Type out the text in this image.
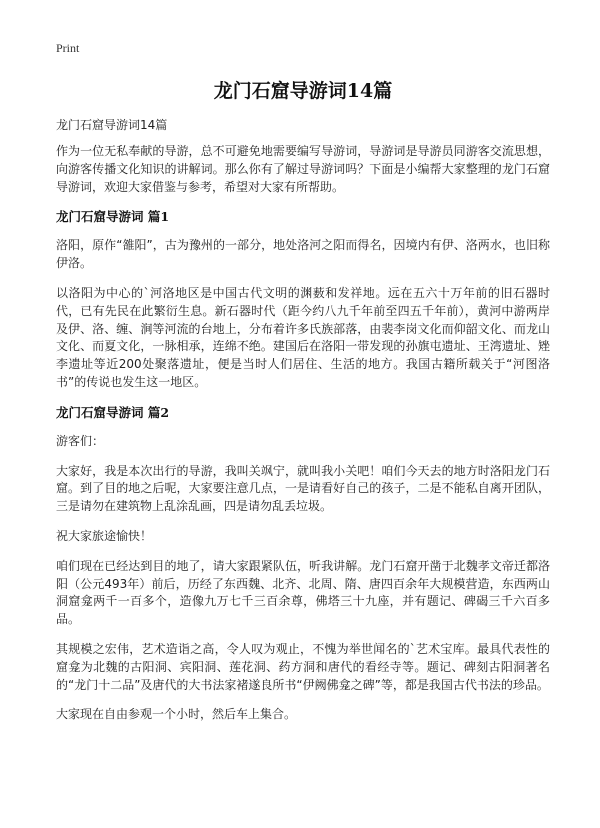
Print
龙门石窟导游词14篇
龙门石窟导游词14篇

作为一位无私奉献的导游，总不可避免地需要编写导游词，导游词是导游员同游客交流思想，向游客传播文化知识的讲解词。那么你有了解过导游词吗？下面是小编帮大家整理的龙门石窟导游词，欢迎大家借鉴与参考，希望对大家有所帮助。

龙门石窟导游词 篇1

洛阳，原作“雒阳”，古为豫州的一部分，地处洛河之阳而得名，因境内有伊、洛两水，也旧称伊洛。

以洛阳为中心的`河洛地区是中国古代文明的渊薮和发祥地。远在五六十万年前的旧石器时代，已有先民在此繁衍生息。新石器时代（距今约八九千年前至四五千年前），黄河中游两岸及伊、洛、缠、涧等河流的台地上，分布着许多氏族部落，由裴李岗文化而仰韶文化、而龙山文化、而夏文化，一脉相承，连绵不绝。建国后在洛阳一带发现的孙旗屯遗址、王湾遗址、矬李遗址等近200处聚落遗址，便是当时人们居住、生活的地方。我国古籍所载关于“河图洛书”的传说也发生这一地区。

龙门石窟导游词 篇2

游客们：

大家好，我是本次出行的导游，我叫关飒宁，就叫我小关吧！咱们今天去的地方时洛阳龙门石窟。到了目的地之后呢，大家要注意几点，一是请看好自己的孩子，二是不能私自离开团队，三是请勿在建筑物上乱涂乱画，四是请勿乱丢垃圾。

祝大家旅途愉快！

咱们现在已经达到目的地了，请大家跟紧队伍，听我讲解。龙门石窟开凿于北魏孝文帝迁都洛阳（公元493年）前后，历经了东西魏、北齐、北周、隋、唐四百余年大规模营造，东西两山洞窟龛两千一百多个，造像九万七千三百余尊，佛塔三十九座，并有题记、碑碣三千六百多品。

其规模之宏伟，艺术造诣之高，令人叹为观止，不愧为举世闻名的`艺术宝库。最具代表性的窟龛为北魏的古阳洞、宾阳洞、莲花洞、药方洞和唐代的看经寺等。题记、碑刻古阳洞著名的“龙门十二品”及唐代的大书法家褚遂良所书“伊阙佛龛之碑”等，都是我国古代书法的珍品。

大家现在自由参观一个小时，然后车上集合。
